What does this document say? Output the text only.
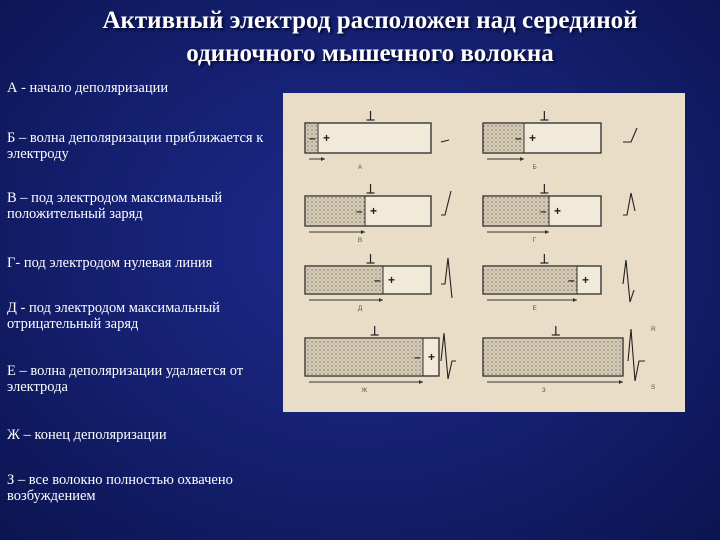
Активный электрод расположен над серединой
одиночного мышечного волокна
А - начало деполяризации
Б – волна деполяризации приближается к электроду
В – под электродом максимальный положительный заряд
Г- под электродом нулевая линия
Д - под электродом максимальный отрицательный заряд
Е – волна деполяризации удаляется от электрода
Ж – конец деполяризации
З – все волокно полностью охвачено возбуждением
– +
А
– +
Б
– +
В
– +
Г
– +
Д
– +
Е
– +
Ж	З
R
S
